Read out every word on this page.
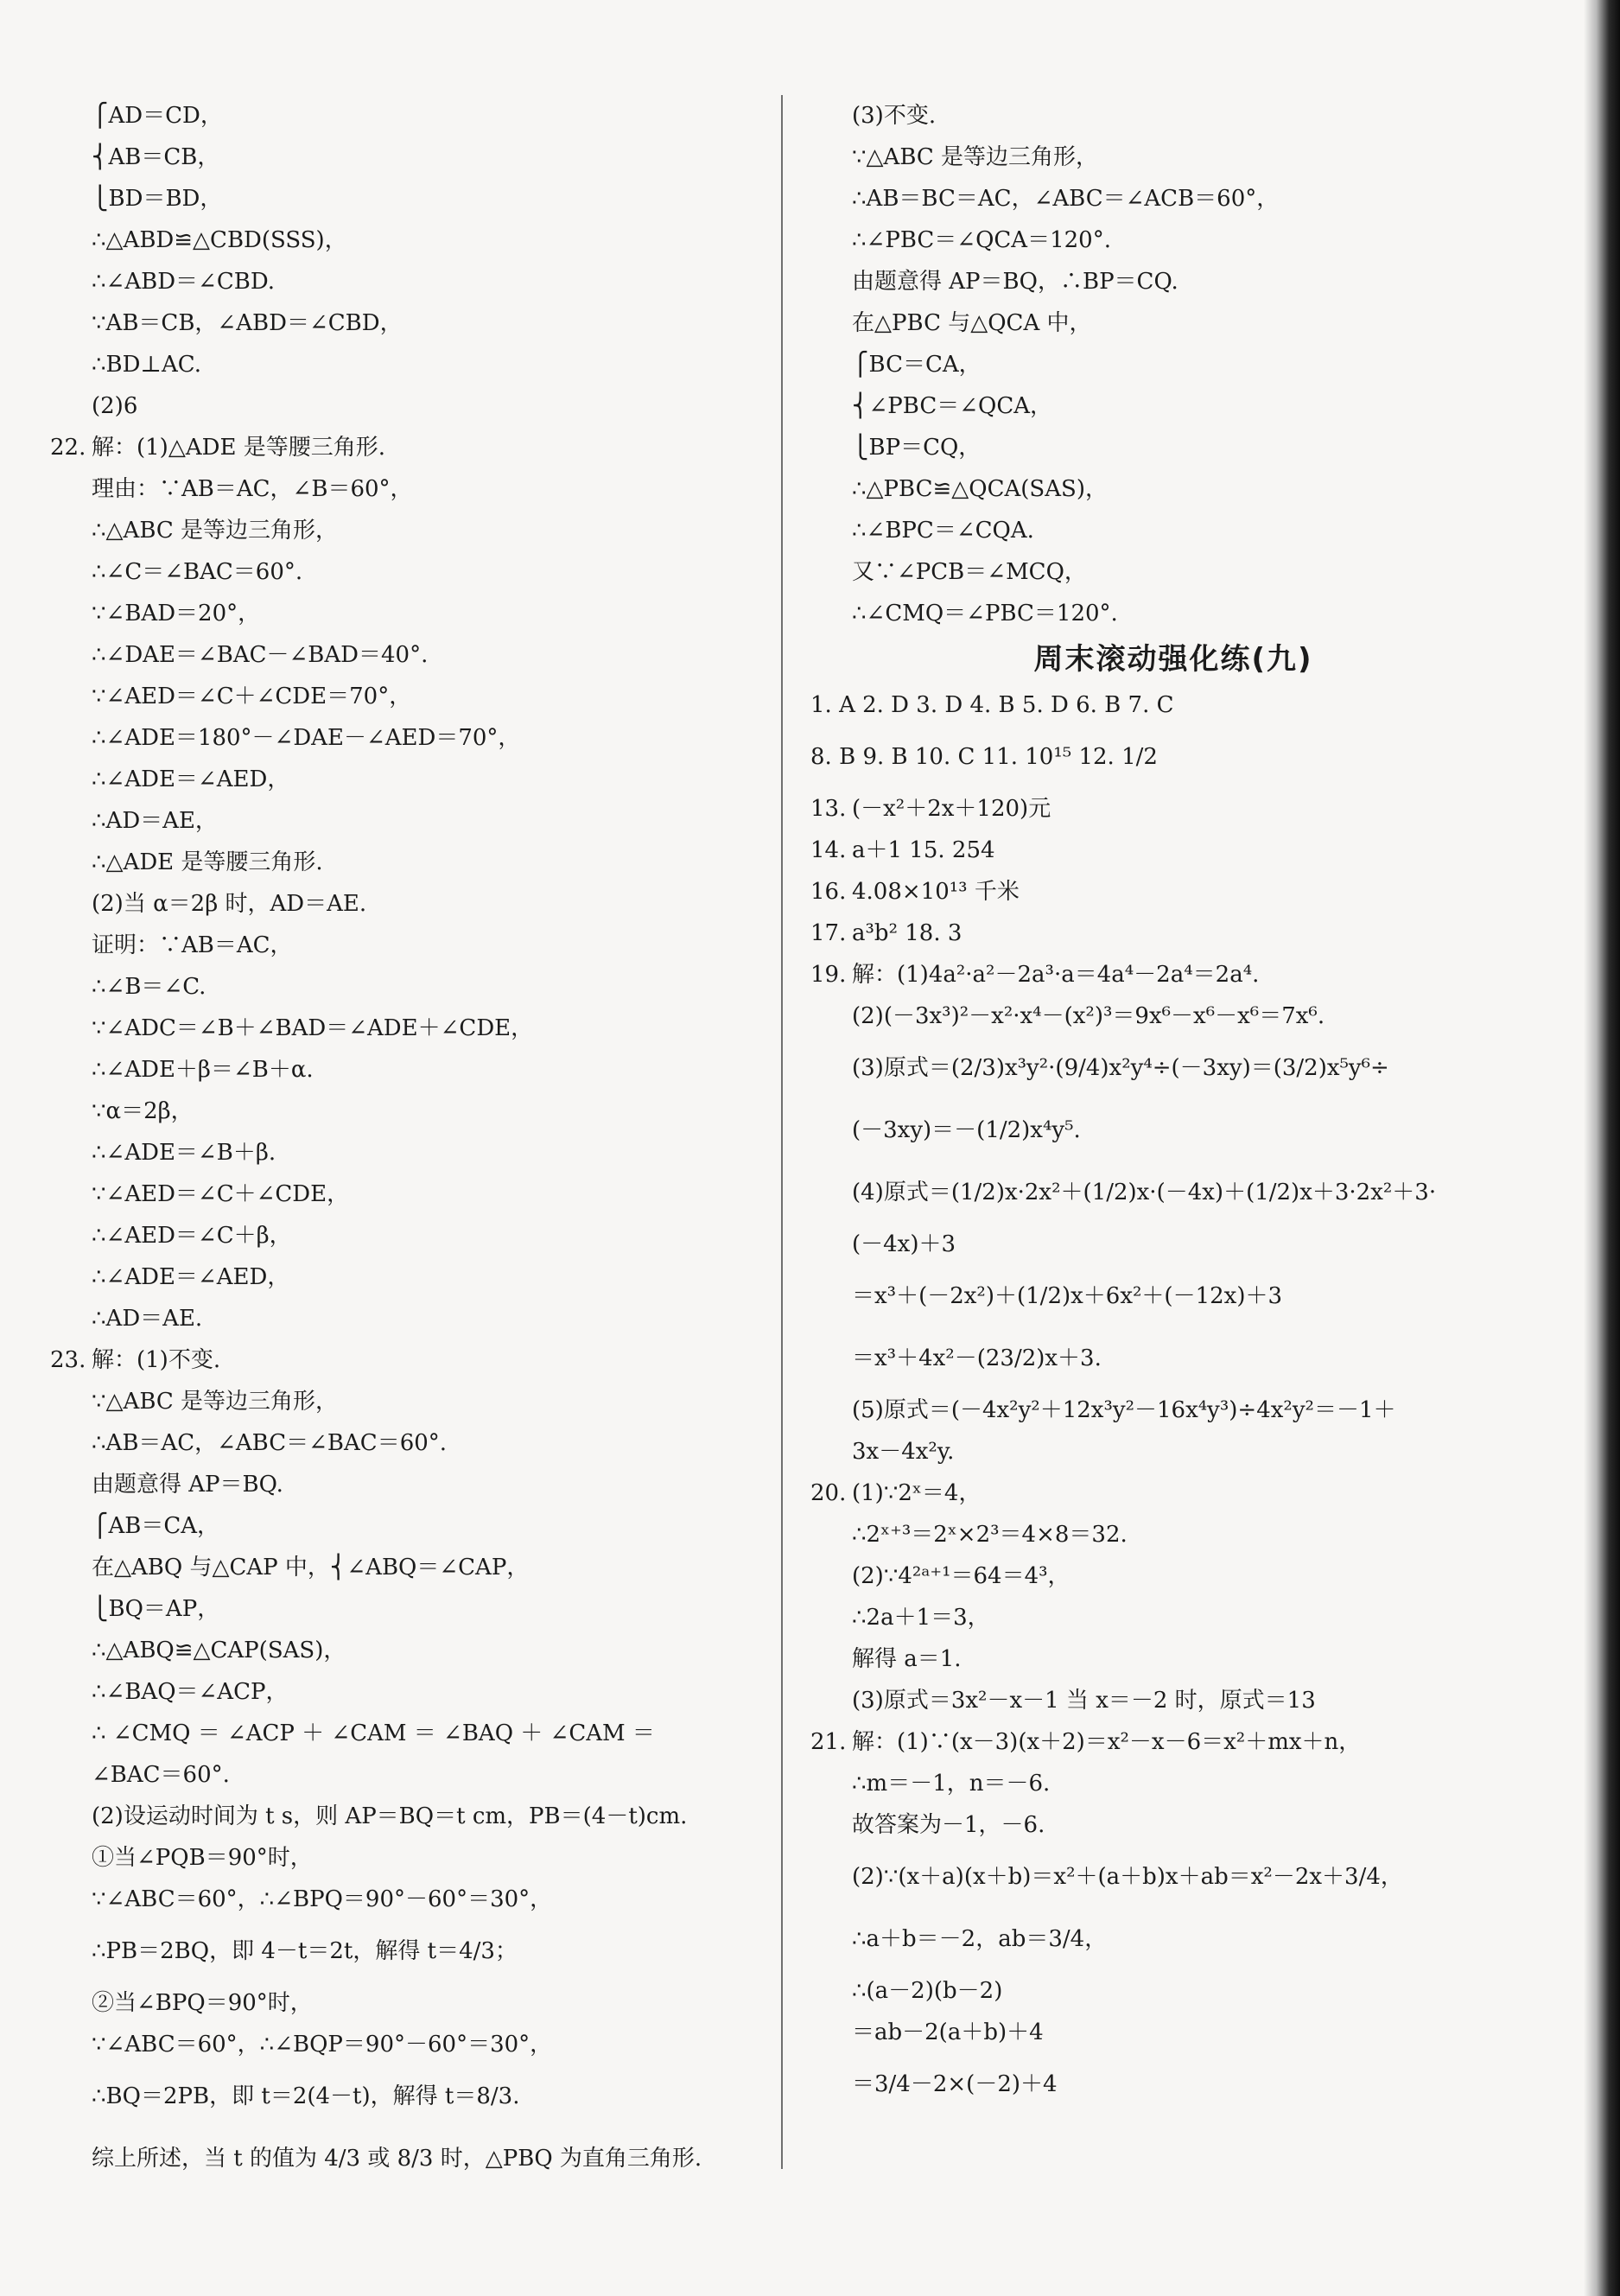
⎧AD＝CD，
⎨AB＝CB，
⎩BD＝BD，
∴△ABD≌△CBD(SSS)，
∴∠ABD＝∠CBD.
∵AB＝CB，∠ABD＝∠CBD，
∴BD⊥AC.
(2)6
22. 解：(1)△ADE 是等腰三角形.
理由：∵AB＝AC，∠B＝60°，
∴△ABC 是等边三角形，
∴∠C＝∠BAC＝60°.
∵∠BAD＝20°，
∴∠DAE＝∠BAC－∠BAD＝40°.
∵∠AED＝∠C＋∠CDE＝70°，
∴∠ADE＝180°－∠DAE－∠AED＝70°，
∴∠ADE＝∠AED，
∴AD＝AE，
∴△ADE 是等腰三角形.
(2)当 α＝2β 时，AD＝AE.
证明：∵AB＝AC，
∴∠B＝∠C.
∵∠ADC＝∠B＋∠BAD＝∠ADE＋∠CDE，
∴∠ADE＋β＝∠B＋α.
∵α＝2β，
∴∠ADE＝∠B＋β.
∵∠AED＝∠C＋∠CDE，
∴∠AED＝∠C＋β，
∴∠ADE＝∠AED，
∴AD＝AE.
23. 解：(1)不变.
∵△ABC 是等边三角形，
∴AB＝AC，∠ABC＝∠BAC＝60°.
由题意得 AP＝BQ.
⎧AB＝CA，
在△ABQ 与△CAP 中，⎨∠ABQ＝∠CAP，
⎩BQ＝AP，
∴△ABQ≌△CAP(SAS)，
∴∠BAQ＝∠ACP，
∴ ∠CMQ ＝ ∠ACP ＋ ∠CAM ＝ ∠BAQ ＋ ∠CAM ＝
∠BAC＝60°.
(2)设运动时间为 t s，则 AP＝BQ＝t cm，PB＝(4－t)cm.
①当∠PQB＝90°时，
∵∠ABC＝60°，∴∠BPQ＝90°－60°＝30°，
∴PB＝2BQ，即 4－t＝2t，解得 t＝4/3；
②当∠BPQ＝90°时，
∵∠ABC＝60°，∴∠BQP＝90°－60°＝30°，
∴BQ＝2PB，即 t＝2(4－t)，解得 t＝8/3.
综上所述，当 t 的值为 4/3 或 8/3 时，△PBQ 为直角三角形.
(3)不变.
∵△ABC 是等边三角形，
∴AB＝BC＝AC，∠ABC＝∠ACB＝60°，
∴∠PBC＝∠QCA＝120°.
由题意得 AP＝BQ，∴BP＝CQ.
在△PBC 与△QCA 中，
⎧BC＝CA，
⎨∠PBC＝∠QCA，
⎩BP＝CQ，
∴△PBC≌△QCA(SAS)，
∴∠BPC＝∠CQA.
又∵∠PCB＝∠MCQ，
∴∠CMQ＝∠PBC＝120°.
周末滚动强化练(九)
1. A 2. D 3. D 4. B 5. D 6. B 7. C
8. B 9. B 10. C 11. 10¹⁵ 12. 1/2
13. (－x²＋2x＋120)元
14. a＋1 15. 254
16. 4.08×10¹³ 千米
17. a³b² 18. 3
19. 解：(1)4a²·a²－2a³·a＝4a⁴－2a⁴＝2a⁴.
(2)(－3x³)²－x²·x⁴－(x²)³＝9x⁶－x⁶－x⁶＝7x⁶.
(3)原式＝(2/3)x³y²·(9/4)x²y⁴÷(－3xy)＝(3/2)x⁵y⁶÷
(－3xy)＝－(1/2)x⁴y⁵.
(4)原式＝(1/2)x·2x²＋(1/2)x·(－4x)＋(1/2)x＋3·2x²＋3·
(－4x)＋3
＝x³＋(－2x²)＋(1/2)x＋6x²＋(－12x)＋3
＝x³＋4x²－(23/2)x＋3.
(5)原式＝(－4x²y²＋12x³y²－16x⁴y³)÷4x²y²＝－1＋
3x－4x²y.
20. (1)∵2ˣ＝4，
∴2ˣ⁺³＝2ˣ×2³＝4×8＝32.
(2)∵4²ᵃ⁺¹＝64＝4³，
∴2a＋1＝3，
解得 a＝1.
(3)原式＝3x²－x－1 当 x＝－2 时，原式＝13
21. 解：(1)∵(x－3)(x＋2)＝x²－x－6＝x²＋mx＋n，
∴m＝－1，n＝－6.
故答案为－1，－6.
(2)∵(x＋a)(x＋b)＝x²＋(a＋b)x＋ab＝x²－2x＋3/4，
∴a＋b＝－2，ab＝3/4，
∴(a－2)(b－2)
＝ab－2(a＋b)＋4
＝3/4－2×(－2)＋4
